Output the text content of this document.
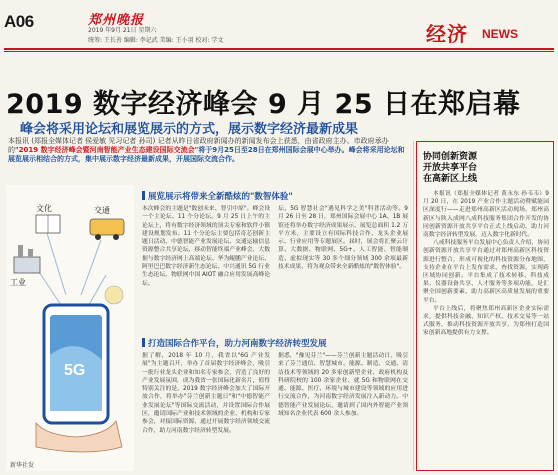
A06	郑州晚报
2019 年9月 21日 星期六
统筹: 王长善 编辑: 李记武 美编: 王小羽 校对: 学文	经济 NEWS
2019 数字经济峰会 9 月 25 日在郑启幕
峰会将采用论坛和展览展示的方式，展示数字经济最新成果
本报讯 (郑报全媒体记者 侯爱敏 见习记者 孙司) 记者从昨日省政府新闻办的新闻发布会上获悉，由省政府主办、市政府承办的"2019 数字经济峰会暨河南智能产业生态建设国际交流会"将于9月25日至28日在郑州国际会展中心举办。峰会将采用论坛和展览展示相结合的方式，集中展示数字经济最新成果，开展国际交流合作。
文化	交通
工业
5G
新华社发
展览展示将带来全新酷炫的"数智体验"
本次峰会的主题是"数创未来、智引中原"。峰会设一个主论坛、11 个分论坛。9 月 25 日上午的主论坛上，将有数字经济领域的顶尖专家和软件小镇建设规划发布。11 个分论坛主要包括奇芯创新主题日活动、中德智能产业发展论坛、交通运输信息资源整合共享论坛、移动智能终端产业峰会、大数据与数字经济网上高端论坛、华为鲲鹏产业论坛、阿里巴巴数字经济新生态论坛、中兴通讯 5G 行业生态论坛、物联网中国 AIOT 融合应用发展高峰论坛。
坛、5G 智慧社会"遇见科学之美"科普活动等。9 月 26 日至 28 日，郑州国际会展中心 1A、1B 展馆还将举办数字经济成果展示，展览总面积 1.2 万平方米，主要设立有国际科技合作、龙头企业展示、行业应用等专题展区。届时，展会将汇聚云计算、大数据、物联网、5G+、人工智能、智能制造、虚拟现实等 30 多个细分领域 300 余项最新技术成果，将为观众带来全新酷炫的"数智体验"。
打造国际合作平台，助力河南数字经济转型发展
据了解，2018 年 10 月，我省以"6G 产业发展"为主题召开，举办了首届数字经济峰会，吸引一批行业龙头企业和知名专家参会，营造了良好的产业发展氛围，成为我省一张国际化新名片，值得特别关注的是，2019 数字经济峰会加大了国际开放合作，将举办"芬兰创新主题日"和"中德智能产业发展论坛"等国际交流活动，并设置国际合作展区，邀请国际产业和技术领域的企业、机构和专家参会，对接国际资源，通过开展数字经济领域交流合作，助力河南数字经济转型发展。
据悉，"豫见芬兰"——芬兰创新主题活动日，吸引来了芬兰通信、智慧城市、能源、制造、交通、清洁技术等领域的 20 多家创新型企业、政府机构及科研院校的 100 余家企业、就 5G 和物联网在交通、能源、医疗、环境与城市建设等领域的应用进行交流合作，为河南数字经济发展注入新动力。中德智能产业发展论坛，邀请到了国内外智能产业领域知名企业代表 600 余人参加。
协同创新资源
开放共享平台
在高新区上线

本报讯（郑报全媒体记者 黄永东 孙韦韦）9 月 20 日，在 2019 产业合作主题活动暨赋能园区深度行——走进郑州高新区活动现场，郑州高新区与陕入成网八成科技服务集团合作开发的协同创新资源开放共享平台正式上线启动，助力河南数字经济转型发展，迈入数字化新时代。

八戒科技服务平台发展中心负责人介绍，协同创新资源开放共享平台通过对郑州高新区科技资源进行整合，形成可视化的科技资源分布地图，支持企业在平台上发布需求、查找资源，实现跨区域协同创新。平台集成了技术转移、科技成果、仪器设备共享、人才服务等多项功能，是汇聚全国创新要素、助力高新区高质量发展的重要平台。

平台上线后，将聚焦郑州高新区企业实际需求，提供科技金融、知识产权、技术交易等一站式服务，推动科技资源开放共享，为郑州打造国家创新高地提供有力支撑。
